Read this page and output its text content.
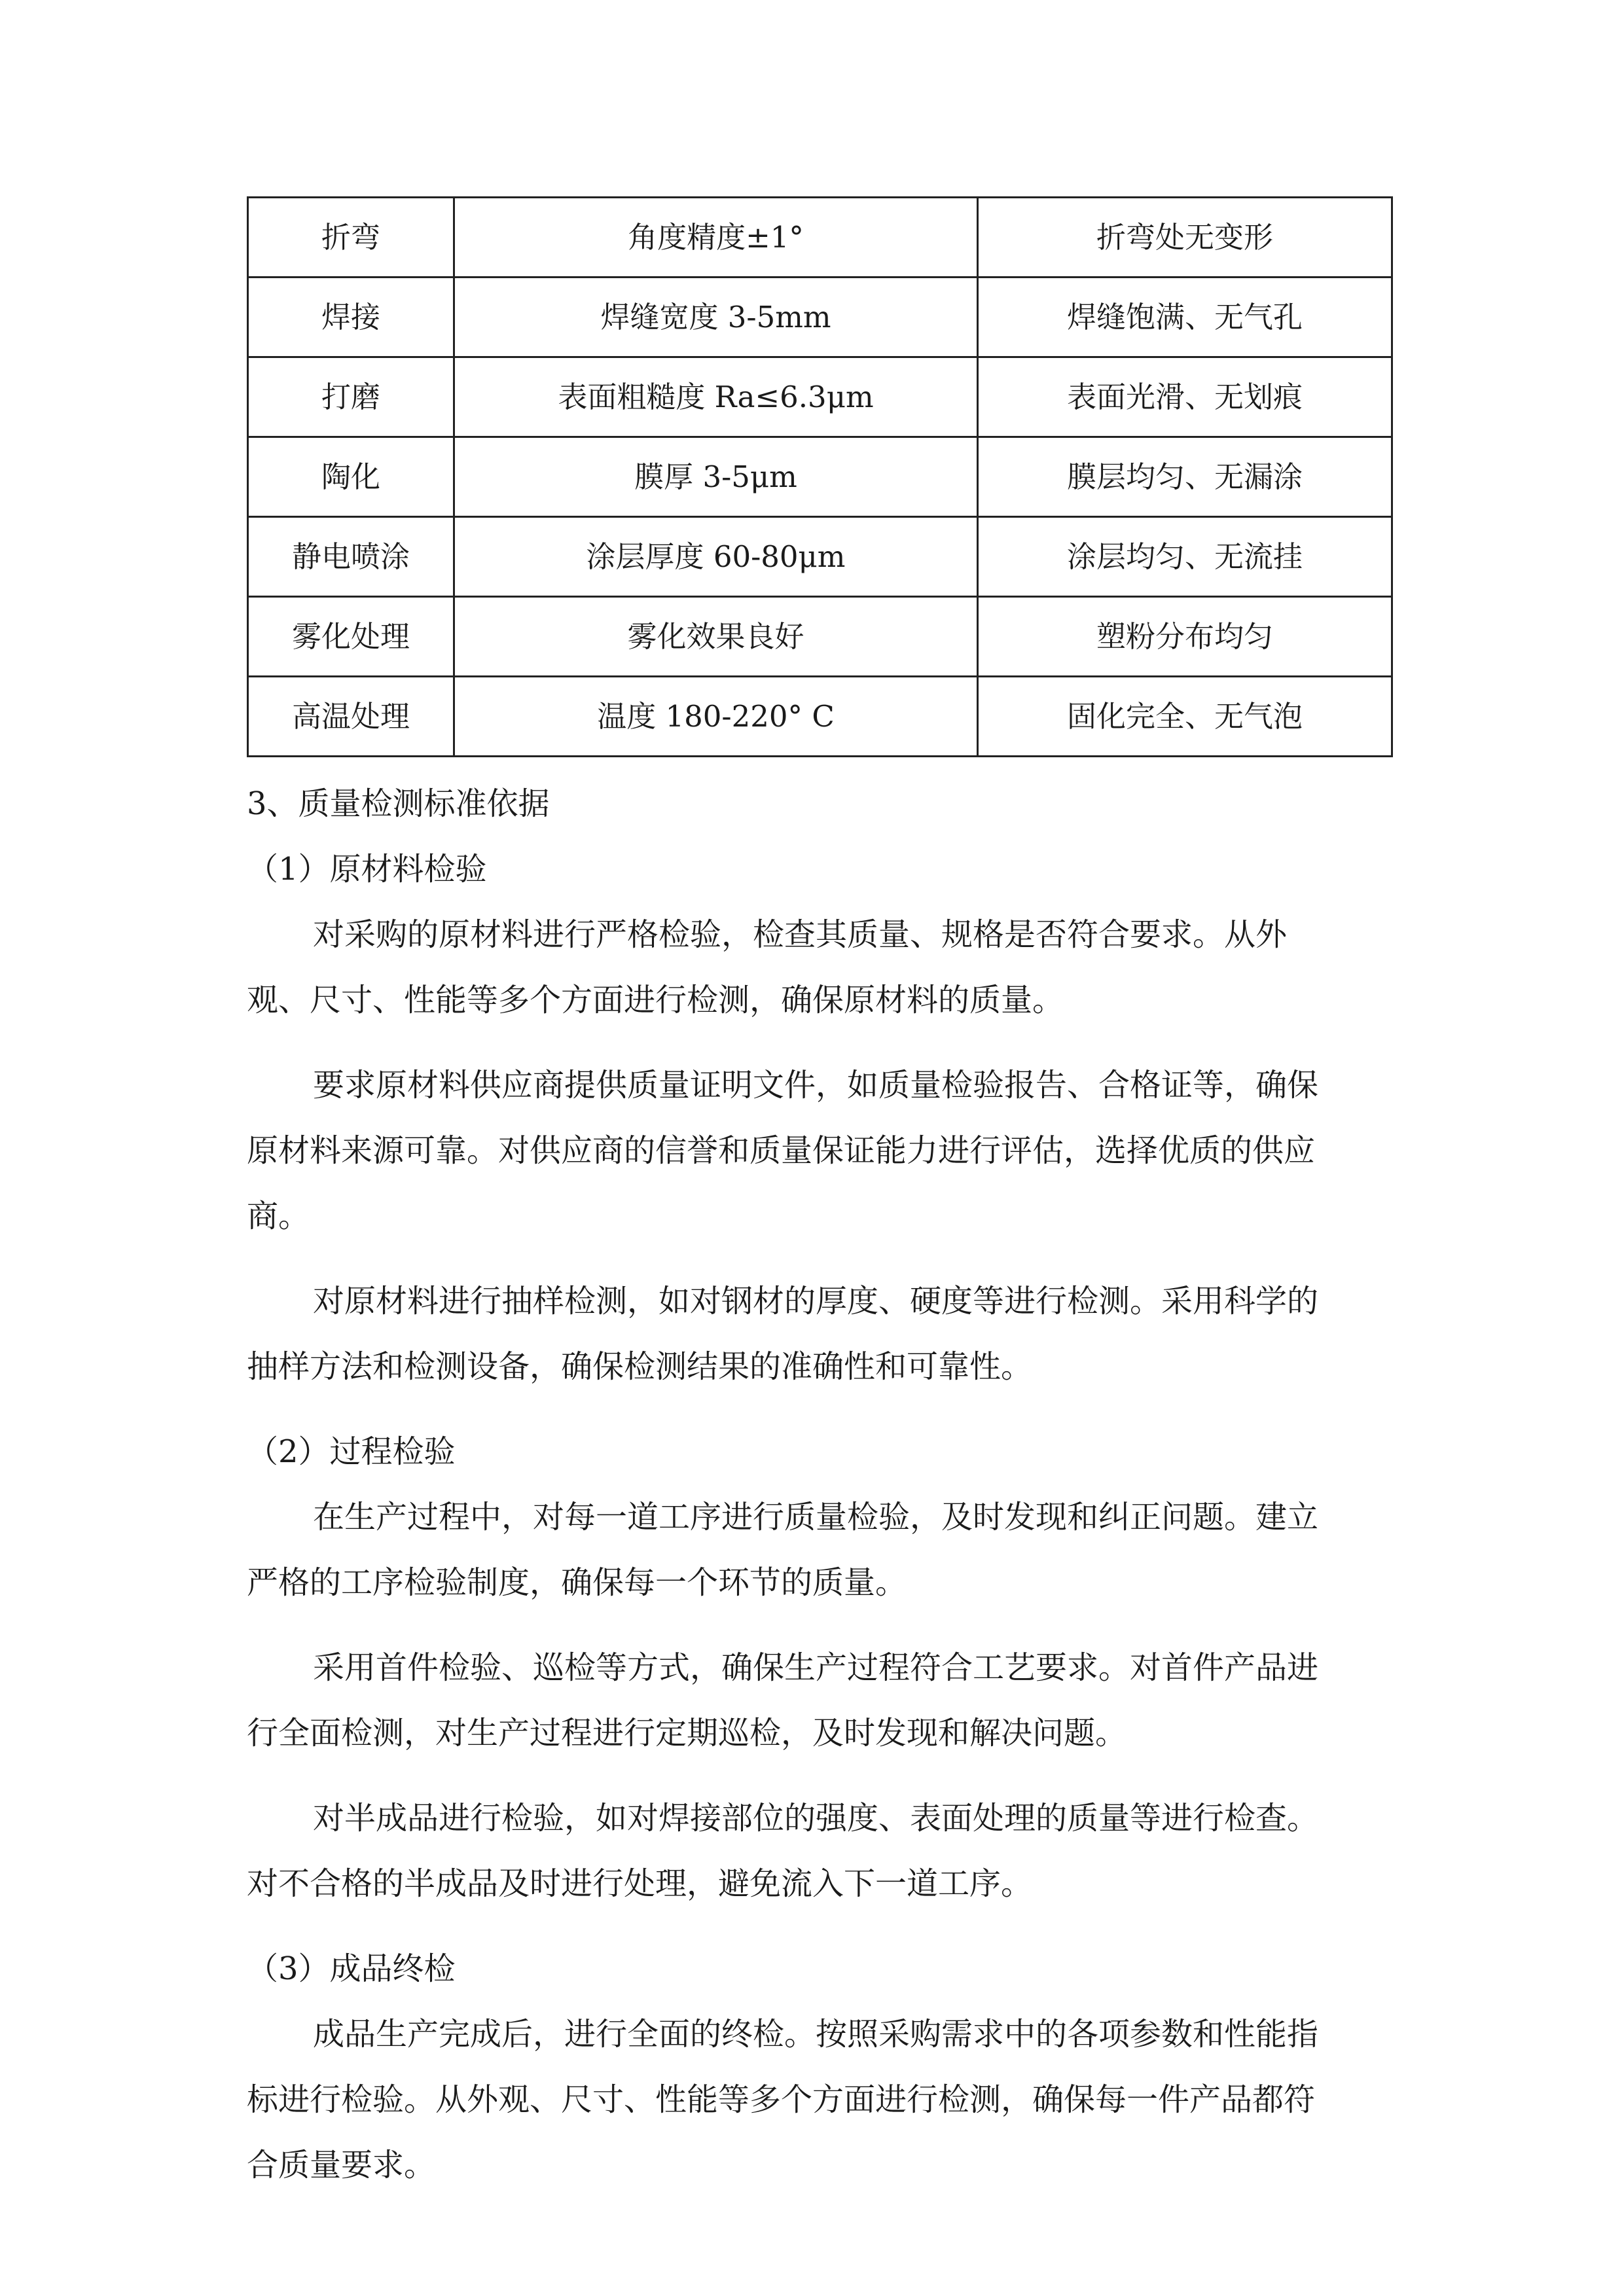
折弯	角度精度±1°	折弯处无变形
焊接	焊缝宽度 3-5mm	焊缝饱满、无气孔
打磨	表面粗糙度 Ra≤6.3μm	表面光滑、无划痕
陶化	膜厚 3-5μm	膜层均匀、无漏涂
静电喷涂	涂层厚度 60-80μm	涂层均匀、无流挂
雾化处理	雾化效果良好	塑粉分布均匀
高温处理	温度 180-220° C	固化完全、无气泡
3、质量检测标准依据
（1）原材料检验
对采购的原材料进行严格检验，检查其质量、规格是否符合要求。从外
观、尺寸、性能等多个方面进行检测，确保原材料的质量。
要求原材料供应商提供质量证明文件，如质量检验报告、合格证等，确保
原材料来源可靠。对供应商的信誉和质量保证能力进行评估，选择优质的供应
商。
对原材料进行抽样检测，如对钢材的厚度、硬度等进行检测。采用科学的
抽样方法和检测设备，确保检测结果的准确性和可靠性。
（2）过程检验
在生产过程中，对每一道工序进行质量检验，及时发现和纠正问题。建立
严格的工序检验制度，确保每一个环节的质量。
采用首件检验、巡检等方式，确保生产过程符合工艺要求。对首件产品进
行全面检测，对生产过程进行定期巡检，及时发现和解决问题。
对半成品进行检验，如对焊接部位的强度、表面处理的质量等进行检查。
对不合格的半成品及时进行处理，避免流入下一道工序。
（3）成品终检
成品生产完成后，进行全面的终检。按照采购需求中的各项参数和性能指
标进行检验。从外观、尺寸、性能等多个方面进行检测，确保每一件产品都符
合质量要求。
